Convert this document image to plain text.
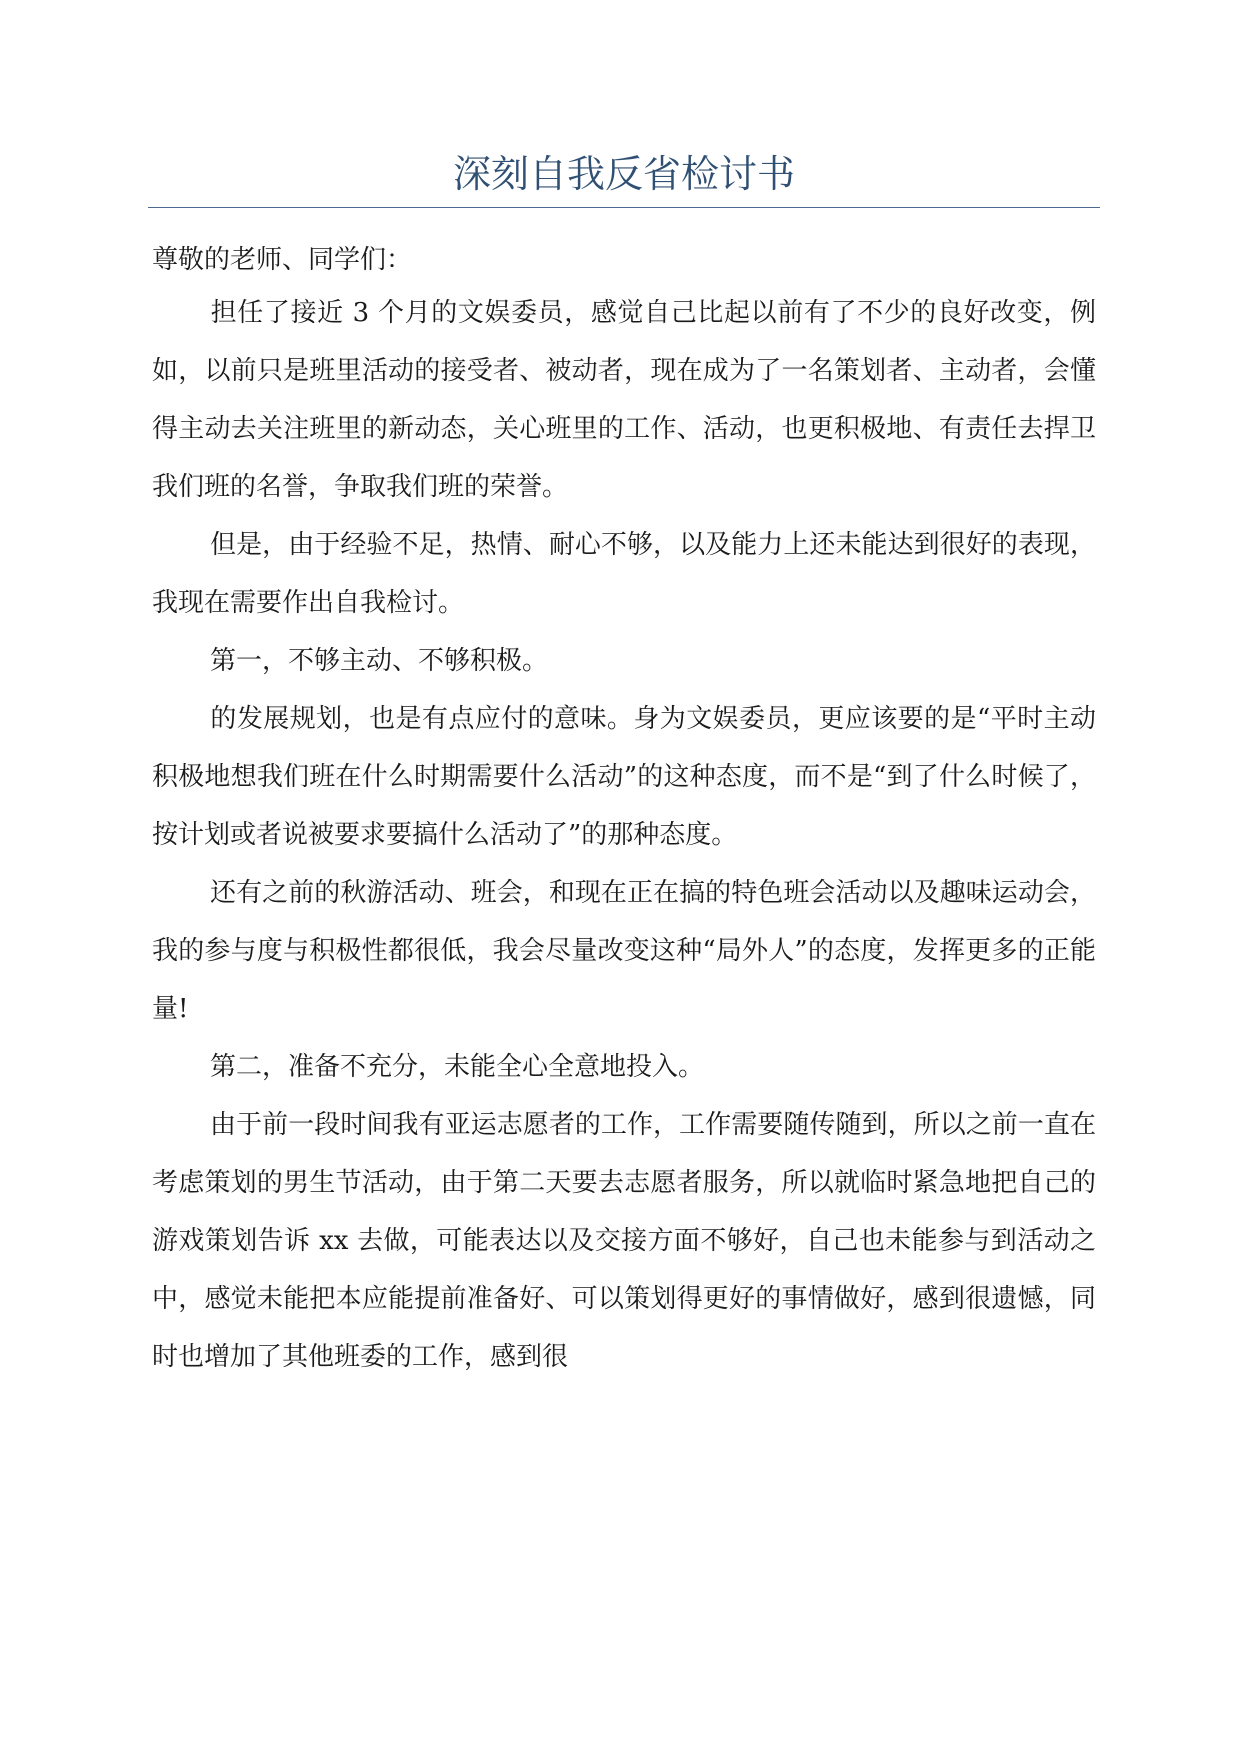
深刻自我反省检讨书

尊敬的老师、同学们：

担任了接近 3 个月的文娱委员，感觉自己比起以前有了不少的良好改变，例如，以前只是班里活动的接受者、被动者，现在成为了一名策划者、主动者，会懂得主动去关注班里的新动态，关心班里的工作、活动，也更积极地、有责任去捍卫我们班的名誉，争取我们班的荣誉。

但是，由于经验不足，热情、耐心不够，以及能力上还未能达到很好的表现，我现在需要作出自我检讨。

第一，不够主动、不够积极。

的发展规划，也是有点应付的意味。身为文娱委员，更应该要的是“平时主动积极地想我们班在什么时期需要什么活动”的这种态度，而不是“到了什么时候了，按计划或者说被要求要搞什么活动了”的那种态度。

还有之前的秋游活动、班会，和现在正在搞的特色班会活动以及趣味运动会，我的参与度与积极性都很低，我会尽量改变这种“局外人”的态度，发挥更多的正能量!

第二，准备不充分，未能全心全意地投入。

由于前一段时间我有亚运志愿者的工作，工作需要随传随到，所以之前一直在考虑策划的男生节活动，由于第二天要去志愿者服务，所以就临时紧急地把自己的游戏策划告诉 xx 去做，可能表达以及交接方面不够好，自己也未能参与到活动之中，感觉未能把本应能提前准备好、可以策划得更好的事情做好，感到很遗憾，同时也增加了其他班委的工作，感到很
